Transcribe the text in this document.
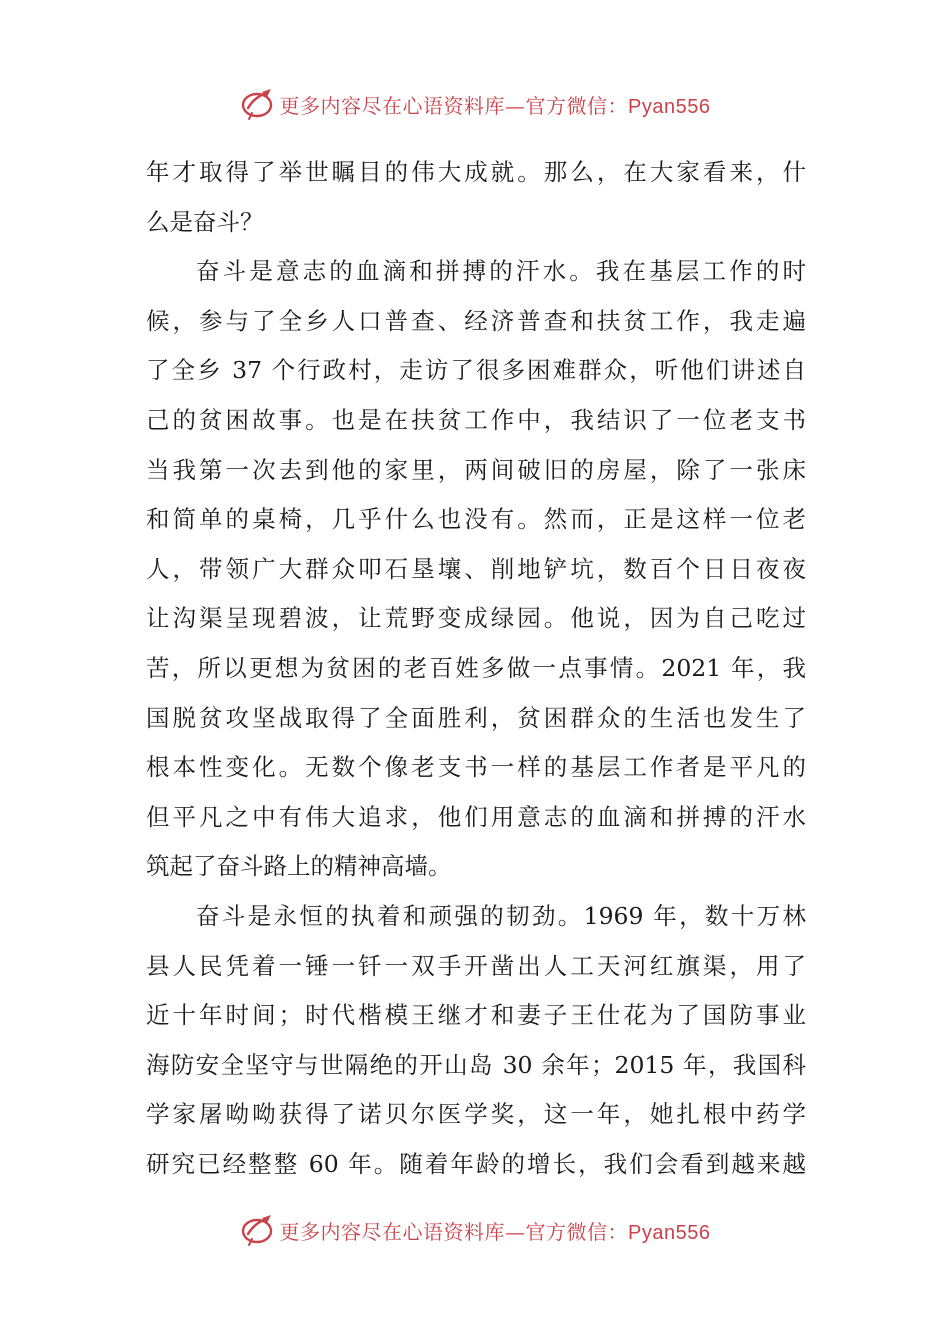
更多内容尽在心语资料库—官方微信：Pyan556
年才取得了举世瞩目的伟大成就。那么，在大家看来，什
么是奋斗？
奋斗是意志的血滴和拼搏的汗水。我在基层工作的时
候，参与了全乡人口普查、经济普查和扶贫工作，我走遍
了全乡 37 个行政村，走访了很多困难群众，听他们讲述自
己的贫困故事。也是在扶贫工作中，我结识了一位老支书
当我第一次去到他的家里，两间破旧的房屋，除了一张床
和简单的桌椅，几乎什么也没有。然而，正是这样一位老
人，带领广大群众叩石垦壤、削地铲坑，数百个日日夜夜
让沟渠呈现碧波，让荒野变成绿园。他说，因为自己吃过
苦，所以更想为贫困的老百姓多做一点事情。2021 年，我
国脱贫攻坚战取得了全面胜利，贫困群众的生活也发生了
根本性变化。无数个像老支书一样的基层工作者是平凡的
但平凡之中有伟大追求，他们用意志的血滴和拼搏的汗水
筑起了奋斗路上的精神高墙。
奋斗是永恒的执着和顽强的韧劲。1969 年，数十万林
县人民凭着一锤一钎一双手开凿出人工天河红旗渠，用了
近十年时间；时代楷模王继才和妻子王仕花为了国防事业
海防安全坚守与世隔绝的开山岛 30 余年；2015 年，我国科
学家屠呦呦获得了诺贝尔医学奖，这一年，她扎根中药学
研究已经整整 60 年。随着年龄的增长，我们会看到越来越
更多内容尽在心语资料库—官方微信：Pyan556
